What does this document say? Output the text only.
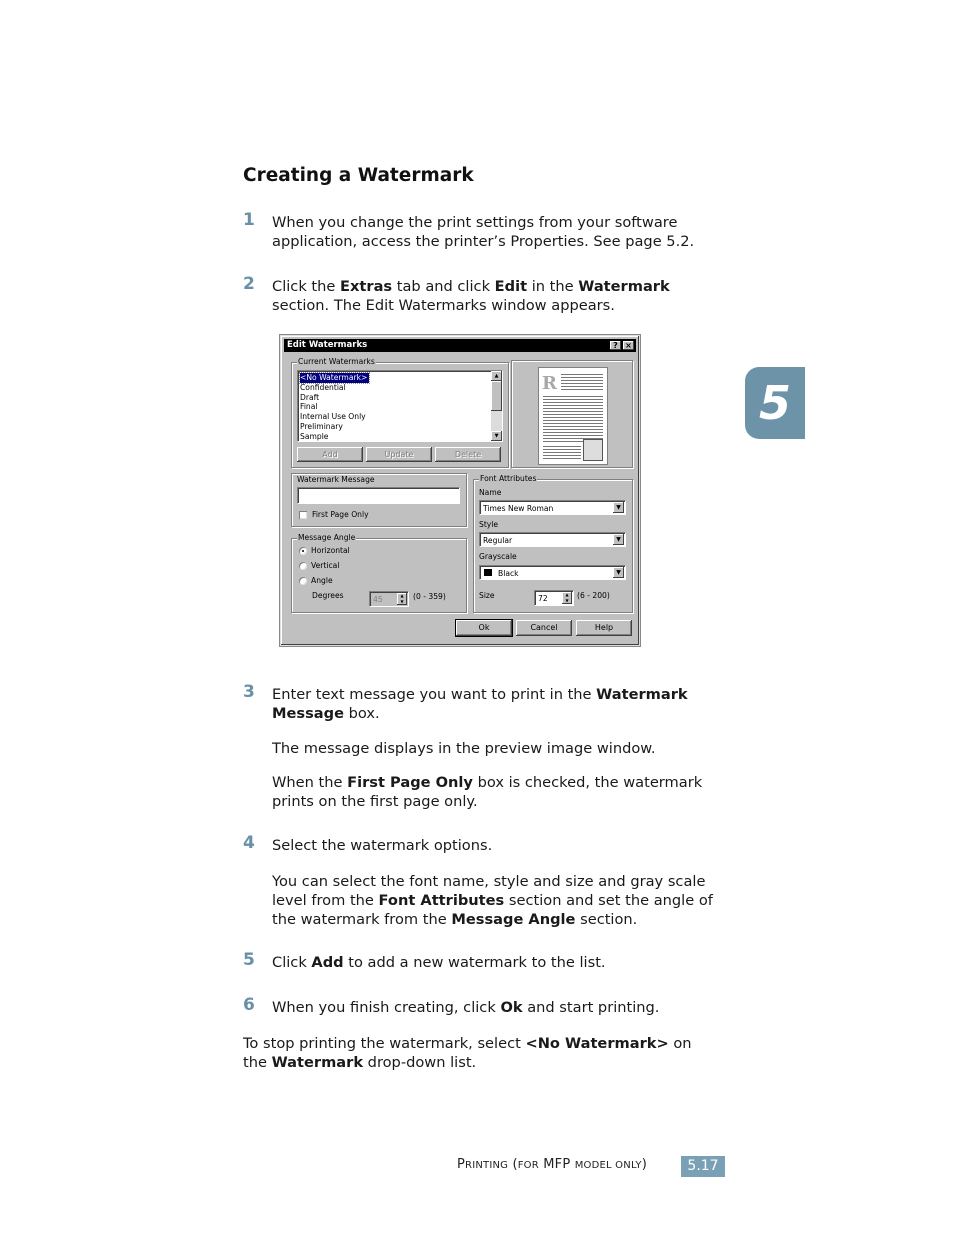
Creating a Watermark
5
1 When you change the print settings from your software
application, access the printer’s Properties. See page 5.2.
2 Click the Extras tab and click Edit in the Watermark
section. The Edit Watermarks window appears.
Edit Watermarks	? ×
Current Watermarks
<No Watermark>
Confidential
Draft
Final
Internal Use Only
Preliminary
Sample
▲
▼
Add	Update	Delete
R
Watermark Message
First Page Only
Message Angle
Horizontal
Vertical
Angle
Degrees	45	▲
▼
(0 - 359)
Font Attributes
Name
Times New Roman	▼
Style
Regular	▼
Grayscale
Black	▼
Size	72	▲
▼
(6 - 200)
Ok	Cancel	Help
3 Enter text message you want to print in the Watermark
Message box.
The message displays in the preview image window.
When the First Page Only box is checked, the watermark
prints on the first page only.
4 Select the watermark options.
You can select the font name, style and size and gray scale
level from the Font Attributes section and set the angle of
the watermark from the Message Angle section.
5 Click Add to add a new watermark to the list.
6 When you finish creating, click Ok and start printing.
To stop printing the watermark, select <No Watermark> on
the Watermark drop-down list.
PRINTING (FOR MFP MODEL ONLY)	5.17
